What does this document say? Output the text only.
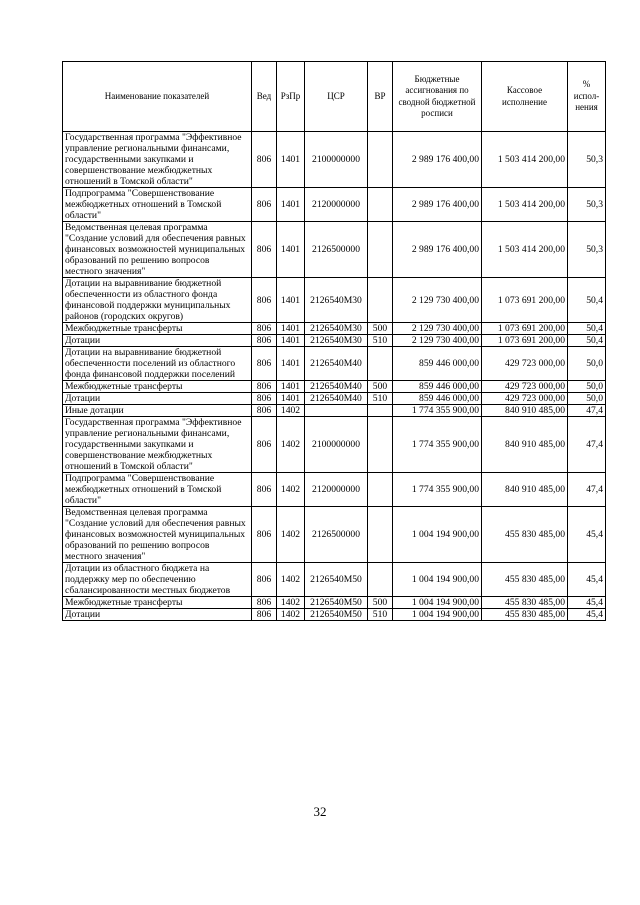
Наименование показателей	Вед	РзПр	ЦСР	ВР	Бюджетные ассигнования по сводной бюджетной росписи	Кассовое исполнение	% испол-нения
Государственная программа "Эффективное управление региональными финансами, государственными закупками и совершенствование межбюджетных отношений в Томской области"	806	1401	2100000000		2 989 176 400,00	1 503 414 200,00	50,3
Подпрограмма "Совершенствование межбюджетных отношений в Томской области"	806	1401	2120000000		2 989 176 400,00	1 503 414 200,00	50,3
Ведомственная целевая программа "Создание условий для обеспечения равных финансовых возможностей муниципальных образований по решению вопросов местного значения"	806	1401	2126500000		2 989 176 400,00	1 503 414 200,00	50,3
Дотации на выравнивание бюджетной обеспеченности из областного фонда финансовой поддержки муниципальных районов (городских округов)	806	1401	2126540М30		2 129 730 400,00	1 073 691 200,00	50,4
Межбюджетные трансферты	806	1401	2126540М30	500	2 129 730 400,00	1 073 691 200,00	50,4
Дотации	806	1401	2126540М30	510	2 129 730 400,00	1 073 691 200,00	50,4
Дотации на выравнивание бюджетной обеспеченности поселений из областного фонда финансовой поддержки поселений	806	1401	2126540М40		859 446 000,00	429 723 000,00	50,0
Межбюджетные трансферты	806	1401	2126540М40	500	859 446 000,00	429 723 000,00	50,0
Дотации	806	1401	2126540М40	510	859 446 000,00	429 723 000,00	50,0
Иные дотации	806	1402			1 774 355 900,00	840 910 485,00	47,4
Государственная программа "Эффективное управление региональными финансами, государственными закупками и совершенствование межбюджетных отношений в Томской области"	806	1402	2100000000		1 774 355 900,00	840 910 485,00	47,4
Подпрограмма "Совершенствование межбюджетных отношений в Томской области"	806	1402	2120000000		1 774 355 900,00	840 910 485,00	47,4
Ведомственная целевая программа "Создание условий для обеспечения равных финансовых возможностей муниципальных образований по решению вопросов местного значения"	806	1402	2126500000		1 004 194 900,00	455 830 485,00	45,4
Дотации из областного бюджета на поддержку мер по обеспечению сбалансированности местных бюджетов	806	1402	2126540М50		1 004 194 900,00	455 830 485,00	45,4
Межбюджетные трансферты	806	1402	2126540М50	500	1 004 194 900,00	455 830 485,00	45,4
Дотации	806	1402	2126540М50	510	1 004 194 900,00	455 830 485,00	45,4
32
